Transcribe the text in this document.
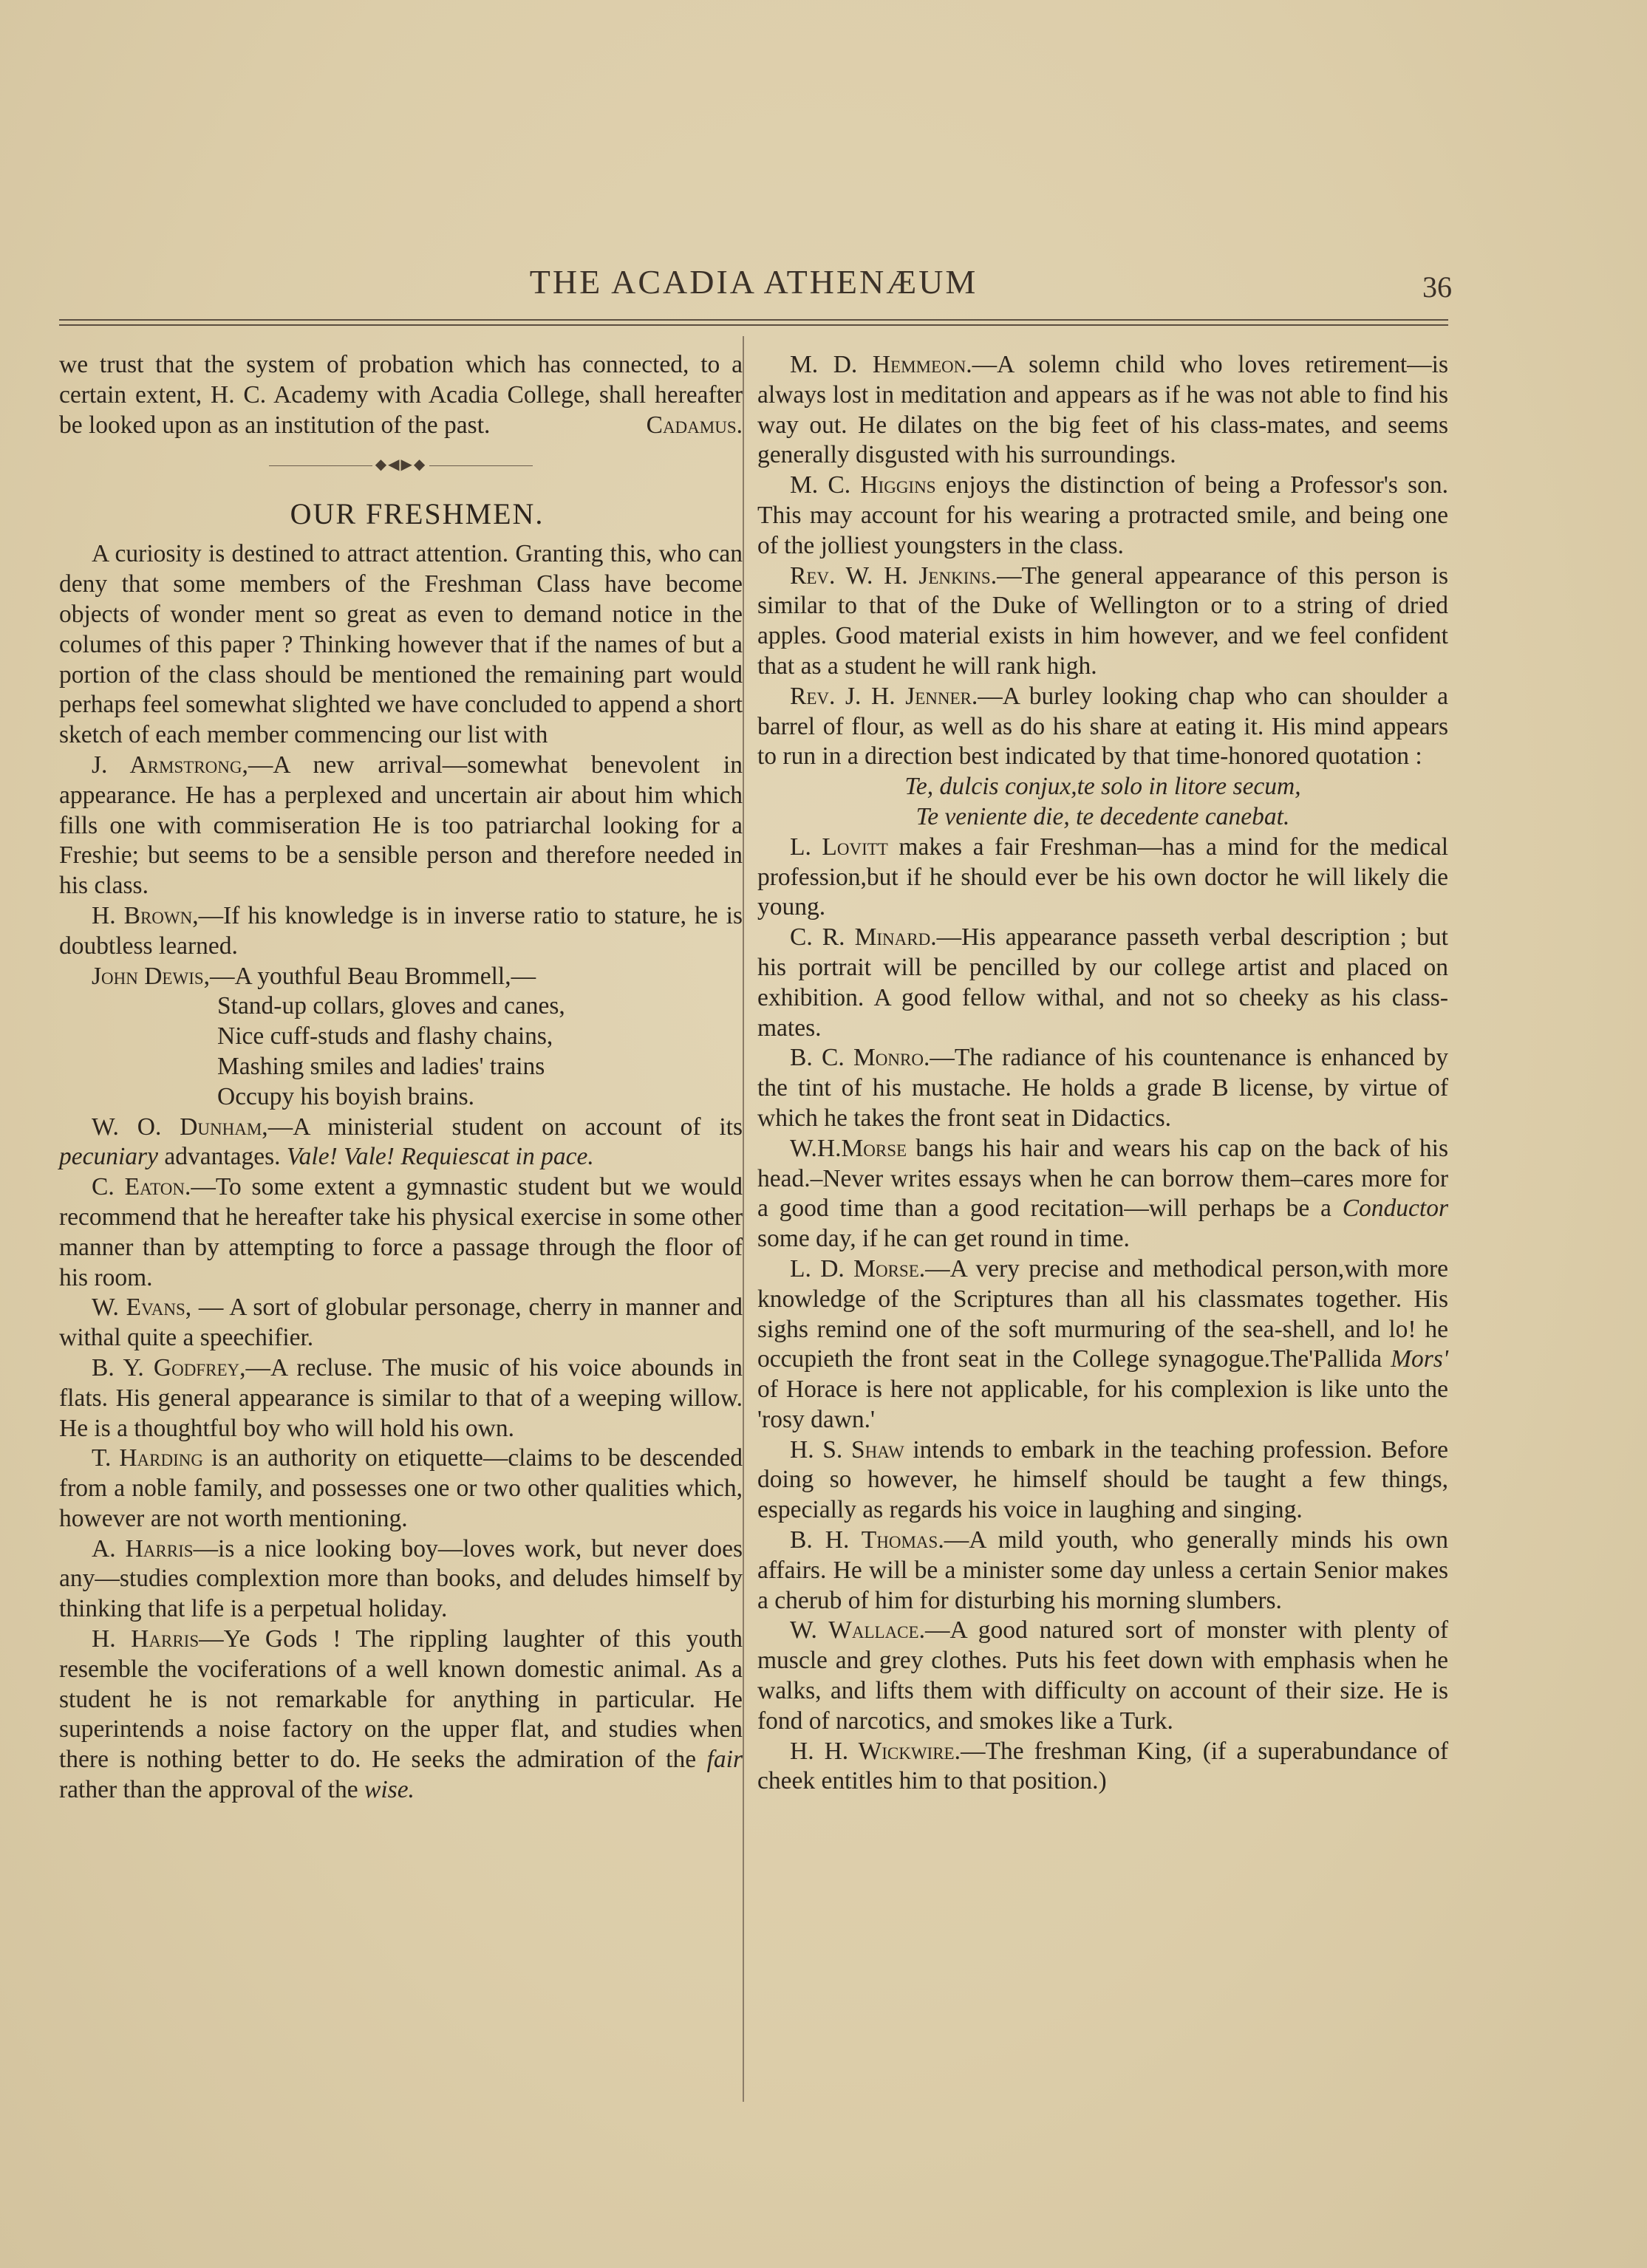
THE ACADIA ATHENÆUM	36

we trust that the system of probation which has connected, to a certain extent, H. C. Academy with Acadia College, shall hereafter be looked upon as an institution of the past.	Cadamus.

◆◀▶◆

OUR FRESHMEN.

A curiosity is destined to attract attention. Granting this, who can deny that some members of the Freshman Class have become objects of wonder ment so great as even to demand notice in the columes of this paper ? Thinking however that if the names of but a portion of the class should be mentioned the remaining part would perhaps feel somewhat slighted we have concluded to append a short sketch of each member commencing our list with

J. Armstrong,—A new arrival—somewhat benevolent in appearance. He has a perplexed and uncertain air about him which fills one with commiseration He is too patriarchal looking for a Freshie; but seems to be a sensible person and therefore needed in his class.

H. Brown,—If his knowledge is in inverse ratio to stature, he is doubtless learned.

John Dewis,—A youthful Beau Brommell,—

Stand-up collars, gloves and canes,

Nice cuff-studs and flashy chains,

Mashing smiles and ladies' trains

Occupy his boyish brains.

W. O. Dunham,—A ministerial student on account of its pecuniary advantages. Vale! Vale! Requiescat in pace.

C. Eaton.—To some extent a gymnastic student but we would recommend that he hereafter take his physical exercise in some other manner than by attempting to force a passage through the floor of his room.

W. Evans, — A sort of globular personage, cherry in manner and withal quite a speechifier.

B. Y. Godfrey,—A recluse. The music of his voice abounds in flats. His general appearance is similar to that of a weeping willow. He is a thoughtful boy who will hold his own.

T. Harding is an authority on etiquette—claims to be descended from a noble family, and possesses one or two other qualities which, however are not worth mentioning.

A. Harris—is a nice looking boy—loves work, but never does any—studies complextion more than books, and deludes himself by thinking that life is a perpetual holiday.

H. Harris—Ye Gods ! The rippling laughter of this youth resemble the vociferations of a well known domestic animal. As a student he is not remarkable for anything in particular. He superintends a noise factory on the upper flat, and studies when there is nothing better to do. He seeks the admiration of the fair rather than the approval of the wise.

M. D. Hemmeon.—A solemn child who loves retirement—is always lost in meditation and appears as if he was not able to find his way out. He dilates on the big feet of his class-mates, and seems generally disgusted with his surroundings.

M. C. Higgins enjoys the distinction of being a Professor's son. This may account for his wearing a protracted smile, and being one of the jolliest youngsters in the class.

Rev. W. H. Jenkins.—The general appearance of this person is similar to that of the Duke of Wellington or to a string of dried apples. Good material exists in him however, and we feel confident that as a student he will rank high.

Rev. J. H. Jenner.—A burley looking chap who can shoulder a barrel of flour, as well as do his share at eating it. His mind appears to run in a direction best indicated by that time-honored quotation :

Te, dulcis conjux,te solo in litore secum,

Te veniente die, te decedente canebat.

L. Lovitt makes a fair Freshman—has a mind for the medical profession,but if he should ever be his own doctor he will likely die young.

C. R. Minard.—His appearance passeth verbal description ; but his portrait will be pencilled by our college artist and placed on exhibition. A good fellow withal, and not so cheeky as his class-mates.

B. C. Monro.—The radiance of his countenance is enhanced by the tint of his mustache. He holds a grade B license, by virtue of which he takes the front seat in Didactics.

W.H.Morse bangs his hair and wears his cap on the back of his head.–Never writes essays when he can borrow them–cares more for a good time than a good recitation—will perhaps be a Conductor some day, if he can get round in time.

L. D. Morse.—A very precise and methodical person,with more knowledge of the Scriptures than all his classmates together. His sighs remind one of the soft murmuring of the sea-shell, and lo! he occupieth the front seat in the College synagogue.The'Pallida Mors' of Horace is here not applicable, for his complexion is like unto the 'rosy dawn.'

H. S. Shaw intends to embark in the teaching profession. Before doing so however, he himself should be taught a few things, especially as regards his voice in laughing and singing.

B. H. Thomas.—A mild youth, who generally minds his own affairs. He will be a minister some day unless a certain Senior makes a cherub of him for disturbing his morning slumbers.

W. Wallace.—A good natured sort of monster with plenty of muscle and grey clothes. Puts his feet down with emphasis when he walks, and lifts them with difficulty on account of their size. He is fond of narcotics, and smokes like a Turk.

H. H. Wickwire.—The freshman King, (if a superabundance of cheek entitles him to that position.)
